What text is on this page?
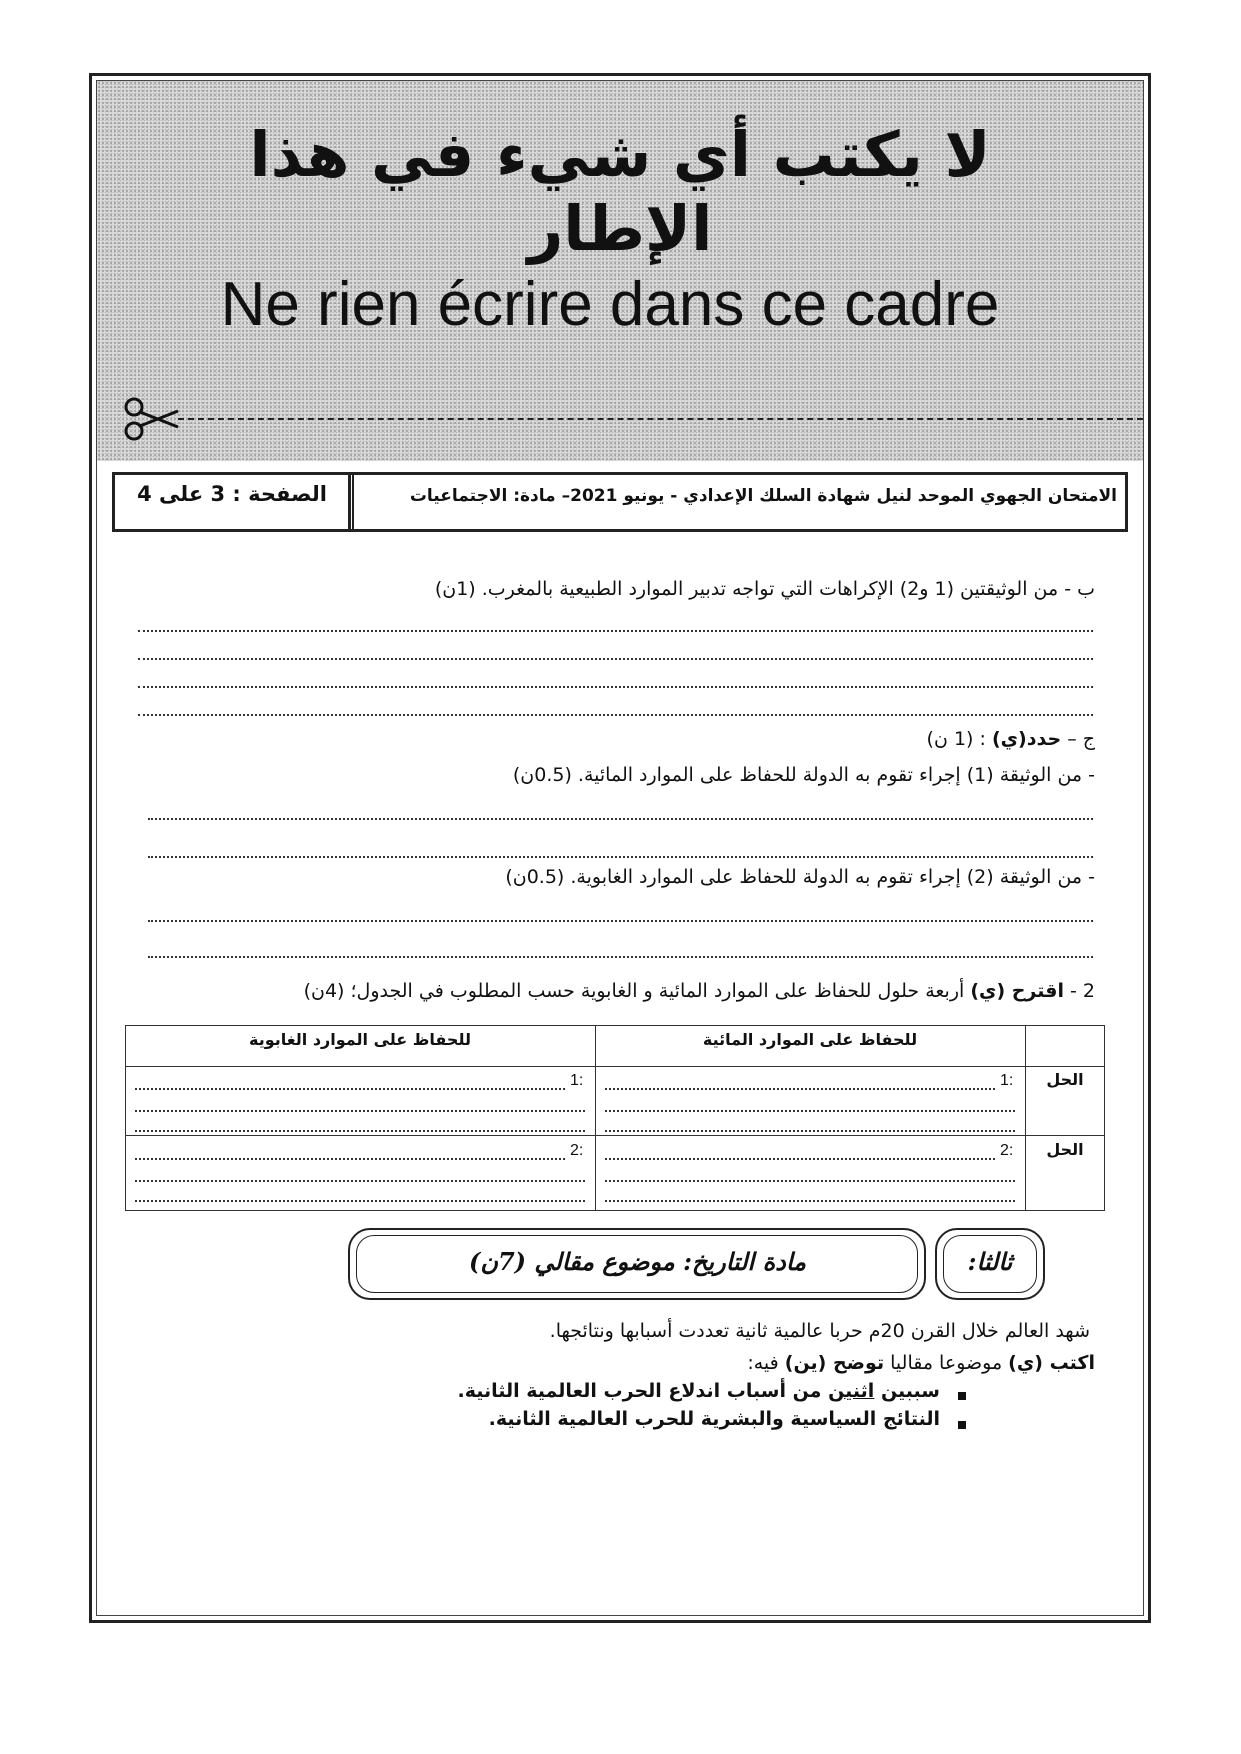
لا يكتب أي شيء في هذا الإطار
Ne rien écrire dans ce cadre
الامتحان الجهوي الموحد لنيل شهادة السلك الإعدادي - يونيو 2021– مادة: الاجتماعيات
الصفحة : 3 على 4
ب - من الوثيقتين (1 و2) الإكراهات التي تواجه تدبير الموارد الطبيعية بالمغرب. (1ن)
ج – حدد(ي) : (1 ن)
- من الوثيقة (1) إجراء تقوم به الدولة للحفاظ على الموارد المائية. (0.5ن)
- من الوثيقة (2) إجراء تقوم به الدولة للحفاظ على الموارد الغابوية. (0.5ن)
2 - اقترح (ي) أربعة حلول للحفاظ على الموارد المائية و الغابوية حسب المطلوب في الجدول؛ (4ن)
للحفاظ على الموارد المائية
للحفاظ على الموارد الغابوية
الحل
الحل
1:
1:
2:
2:
مادة التاريخ: موضوع مقالي (7ن)	ثالثا:
شهد العالم خلال القرن 20م حربا عالمية ثانية تعددت أسبابها ونتائجها.
اكتب (ي) موضوعا مقاليا توضح (ين) فيه:
سببين اثنين من أسباب اندلاع الحرب العالمية الثانية.
النتائج السياسية والبشرية للحرب العالمية الثانية.
